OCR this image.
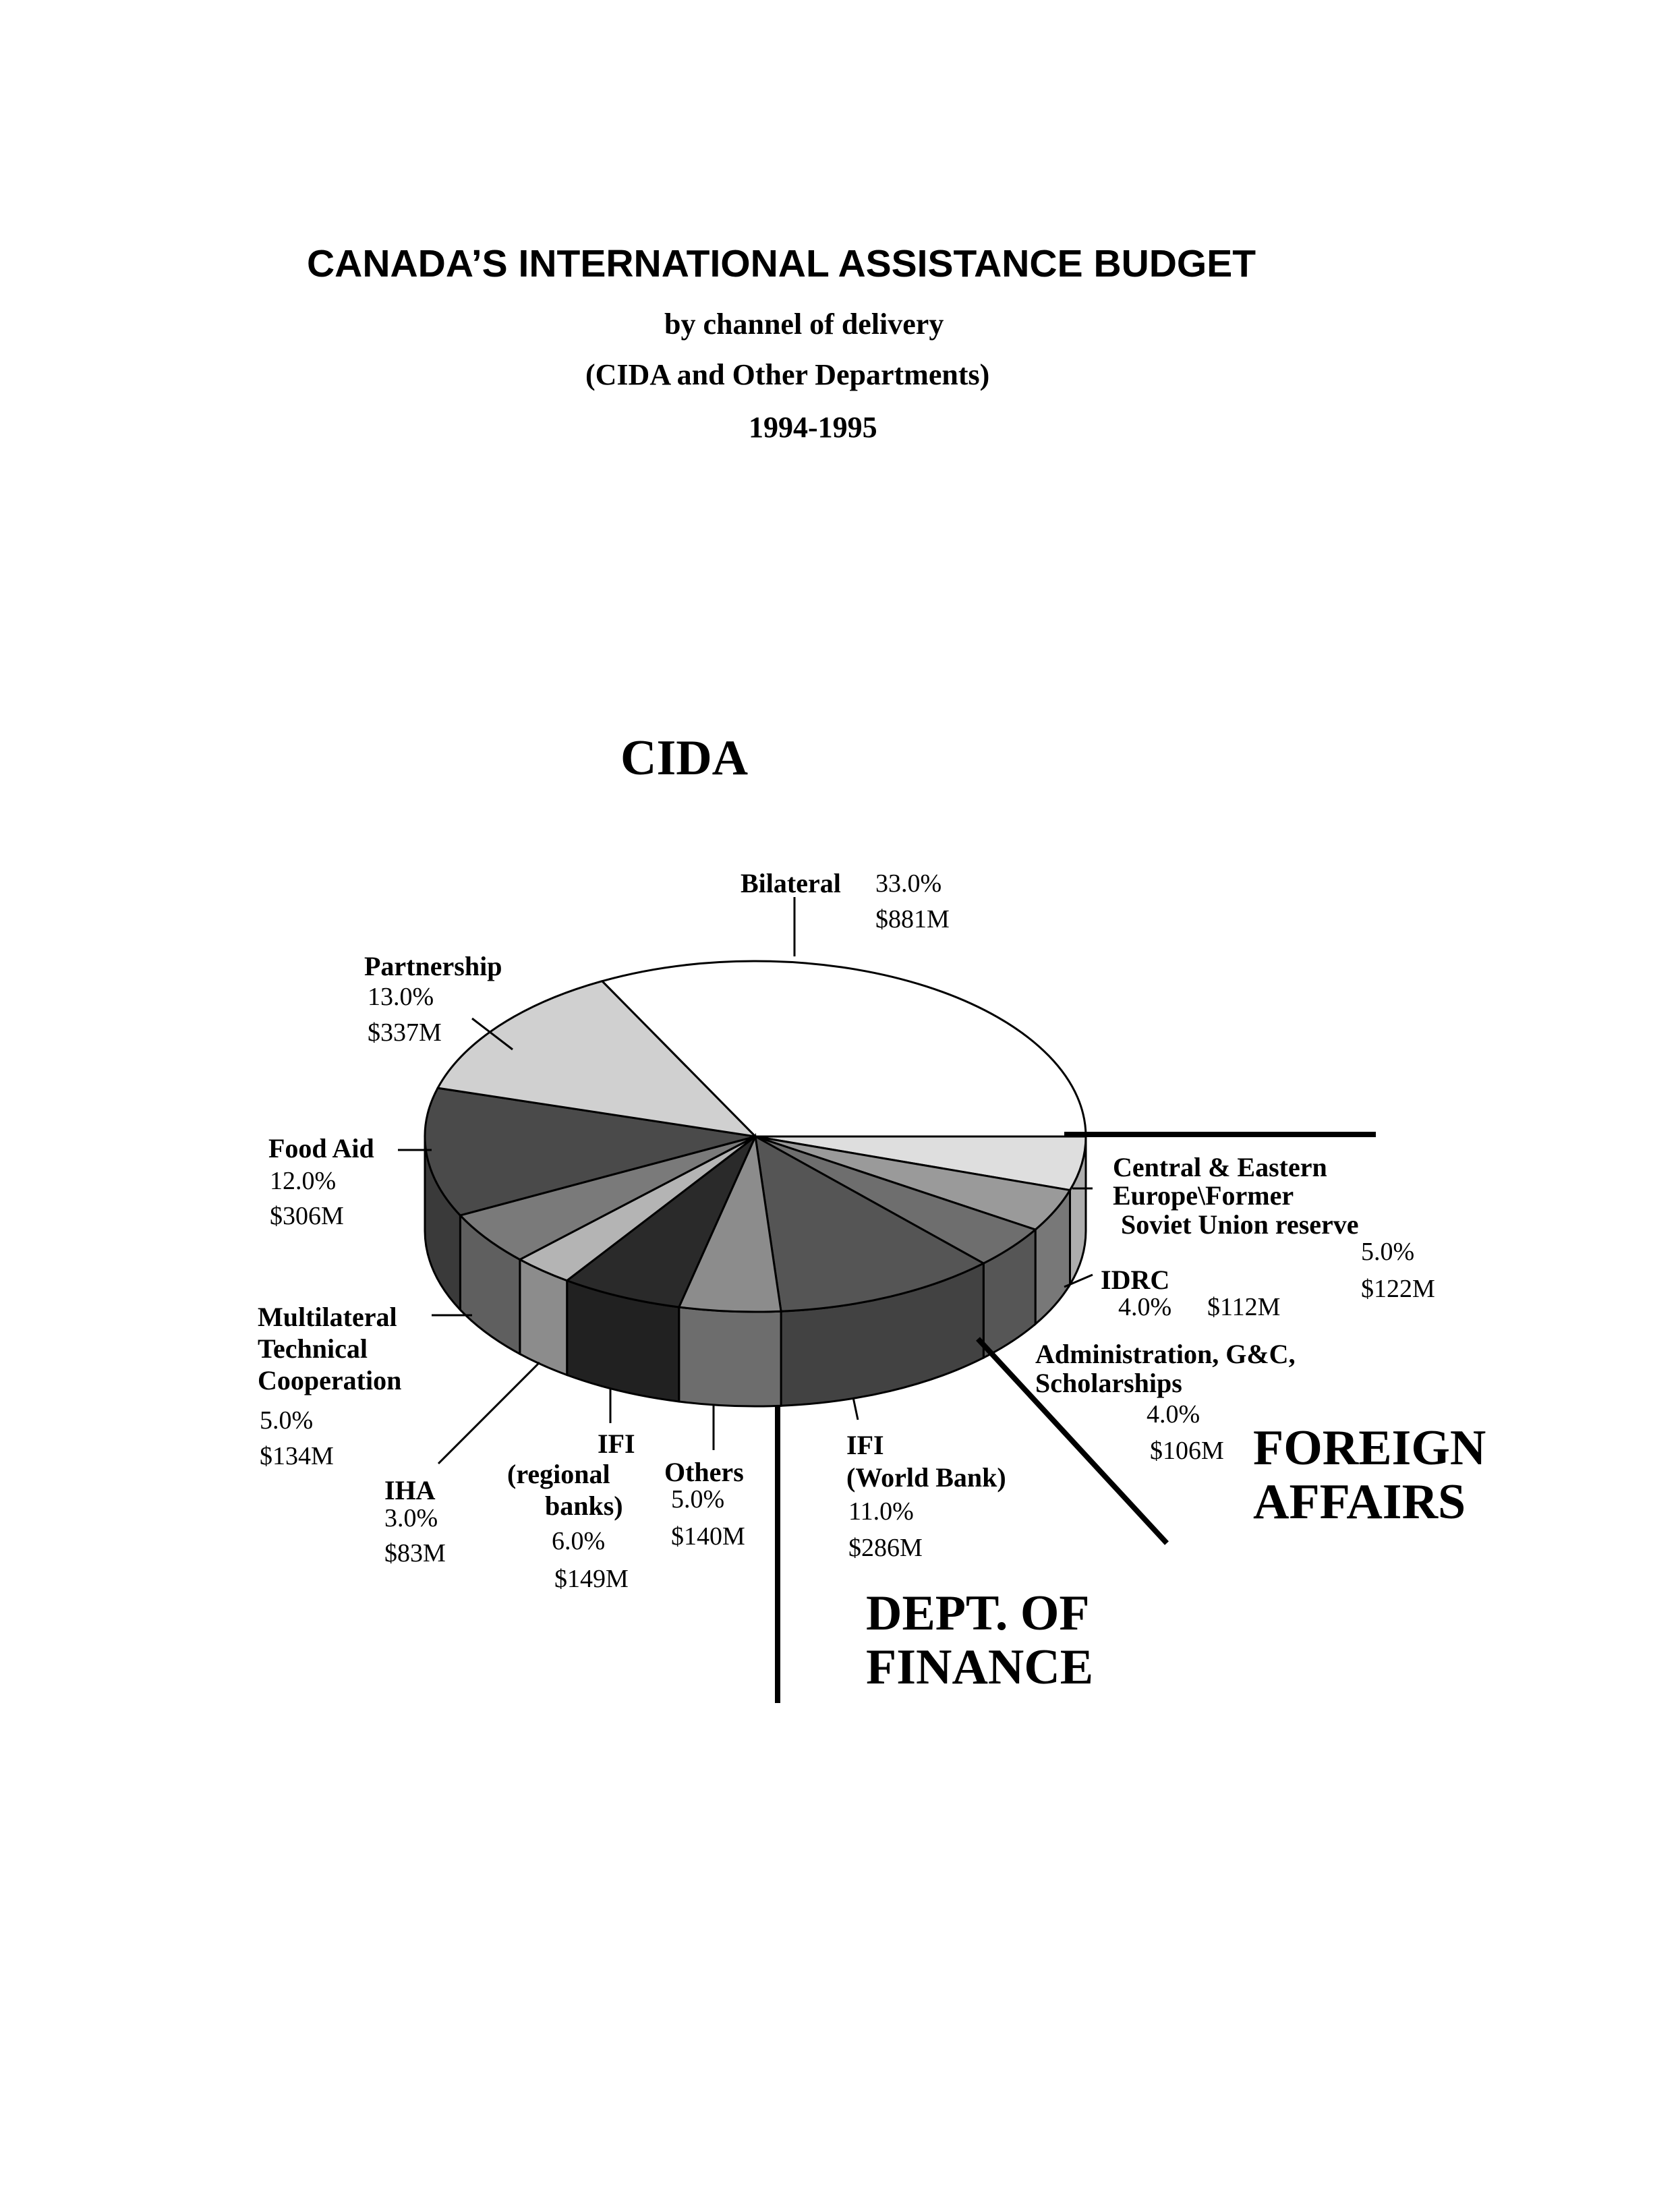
CANADA’S INTERNATIONAL ASSISTANCE BUDGET
by channel of delivery
(CIDA and Other Departments)
1994-1995
CIDA
FOREIGN
AFFAIRS
DEPT. OF
FINANCE
Bilateral 33.0%
$881M
Partnership
13.0%
$337M
Food Aid
12.0%
$306M
Multilateral
Technical
Cooperation
5.0%
$134M
IHA
3.0%
$83M
IFI
(regional
banks)
6.0%
$149M
Others
5.0%
$140M
IFI
(World Bank)
11.0%
$286M
Administration, G&C,
Scholarships
4.0%
$106M
IDRC
4.0% $112M
Central & Eastern
Europe\Former
Soviet Union reserve
5.0%
$122M
